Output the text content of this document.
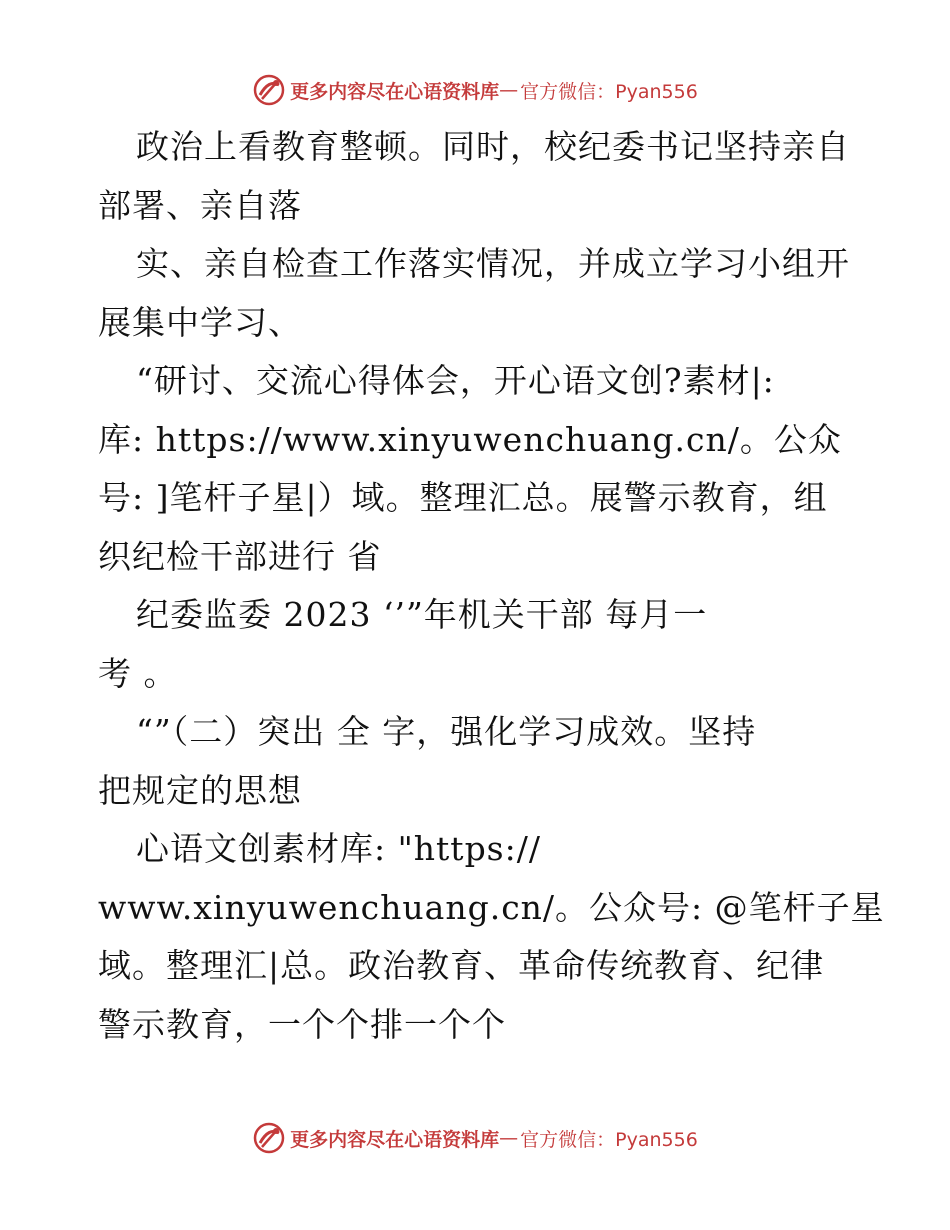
更多内容尽在心语资料库 — 官方微信：Pyan556
政治上看教育整顿。同时，校纪委书记坚持亲自
部署、亲自落
实、亲自检查工作落实情况，并成立学习小组开
展集中学习、
“研讨、交流心得体会，开心语文创?素材|:
库: https://www.xinyuwenchuang.cn/。公众
号: ]笔杆子星|）域。整理汇总。展警示教育，组
织纪检干部进行 省
纪委监委 2023 ‘’”年机关干部 每月一
考 。
“”（二）突出 全 字，强化学习成效。坚持
把规定的思想
心语文创素材库: "https://
www.xinyuwenchuang.cn/。公众号: @笔杆子星
域。整理汇|总。政治教育、革命传统教育、纪律
警示教育，一个个排一个个
更多内容尽在心语资料库 — 官方微信：Pyan556
